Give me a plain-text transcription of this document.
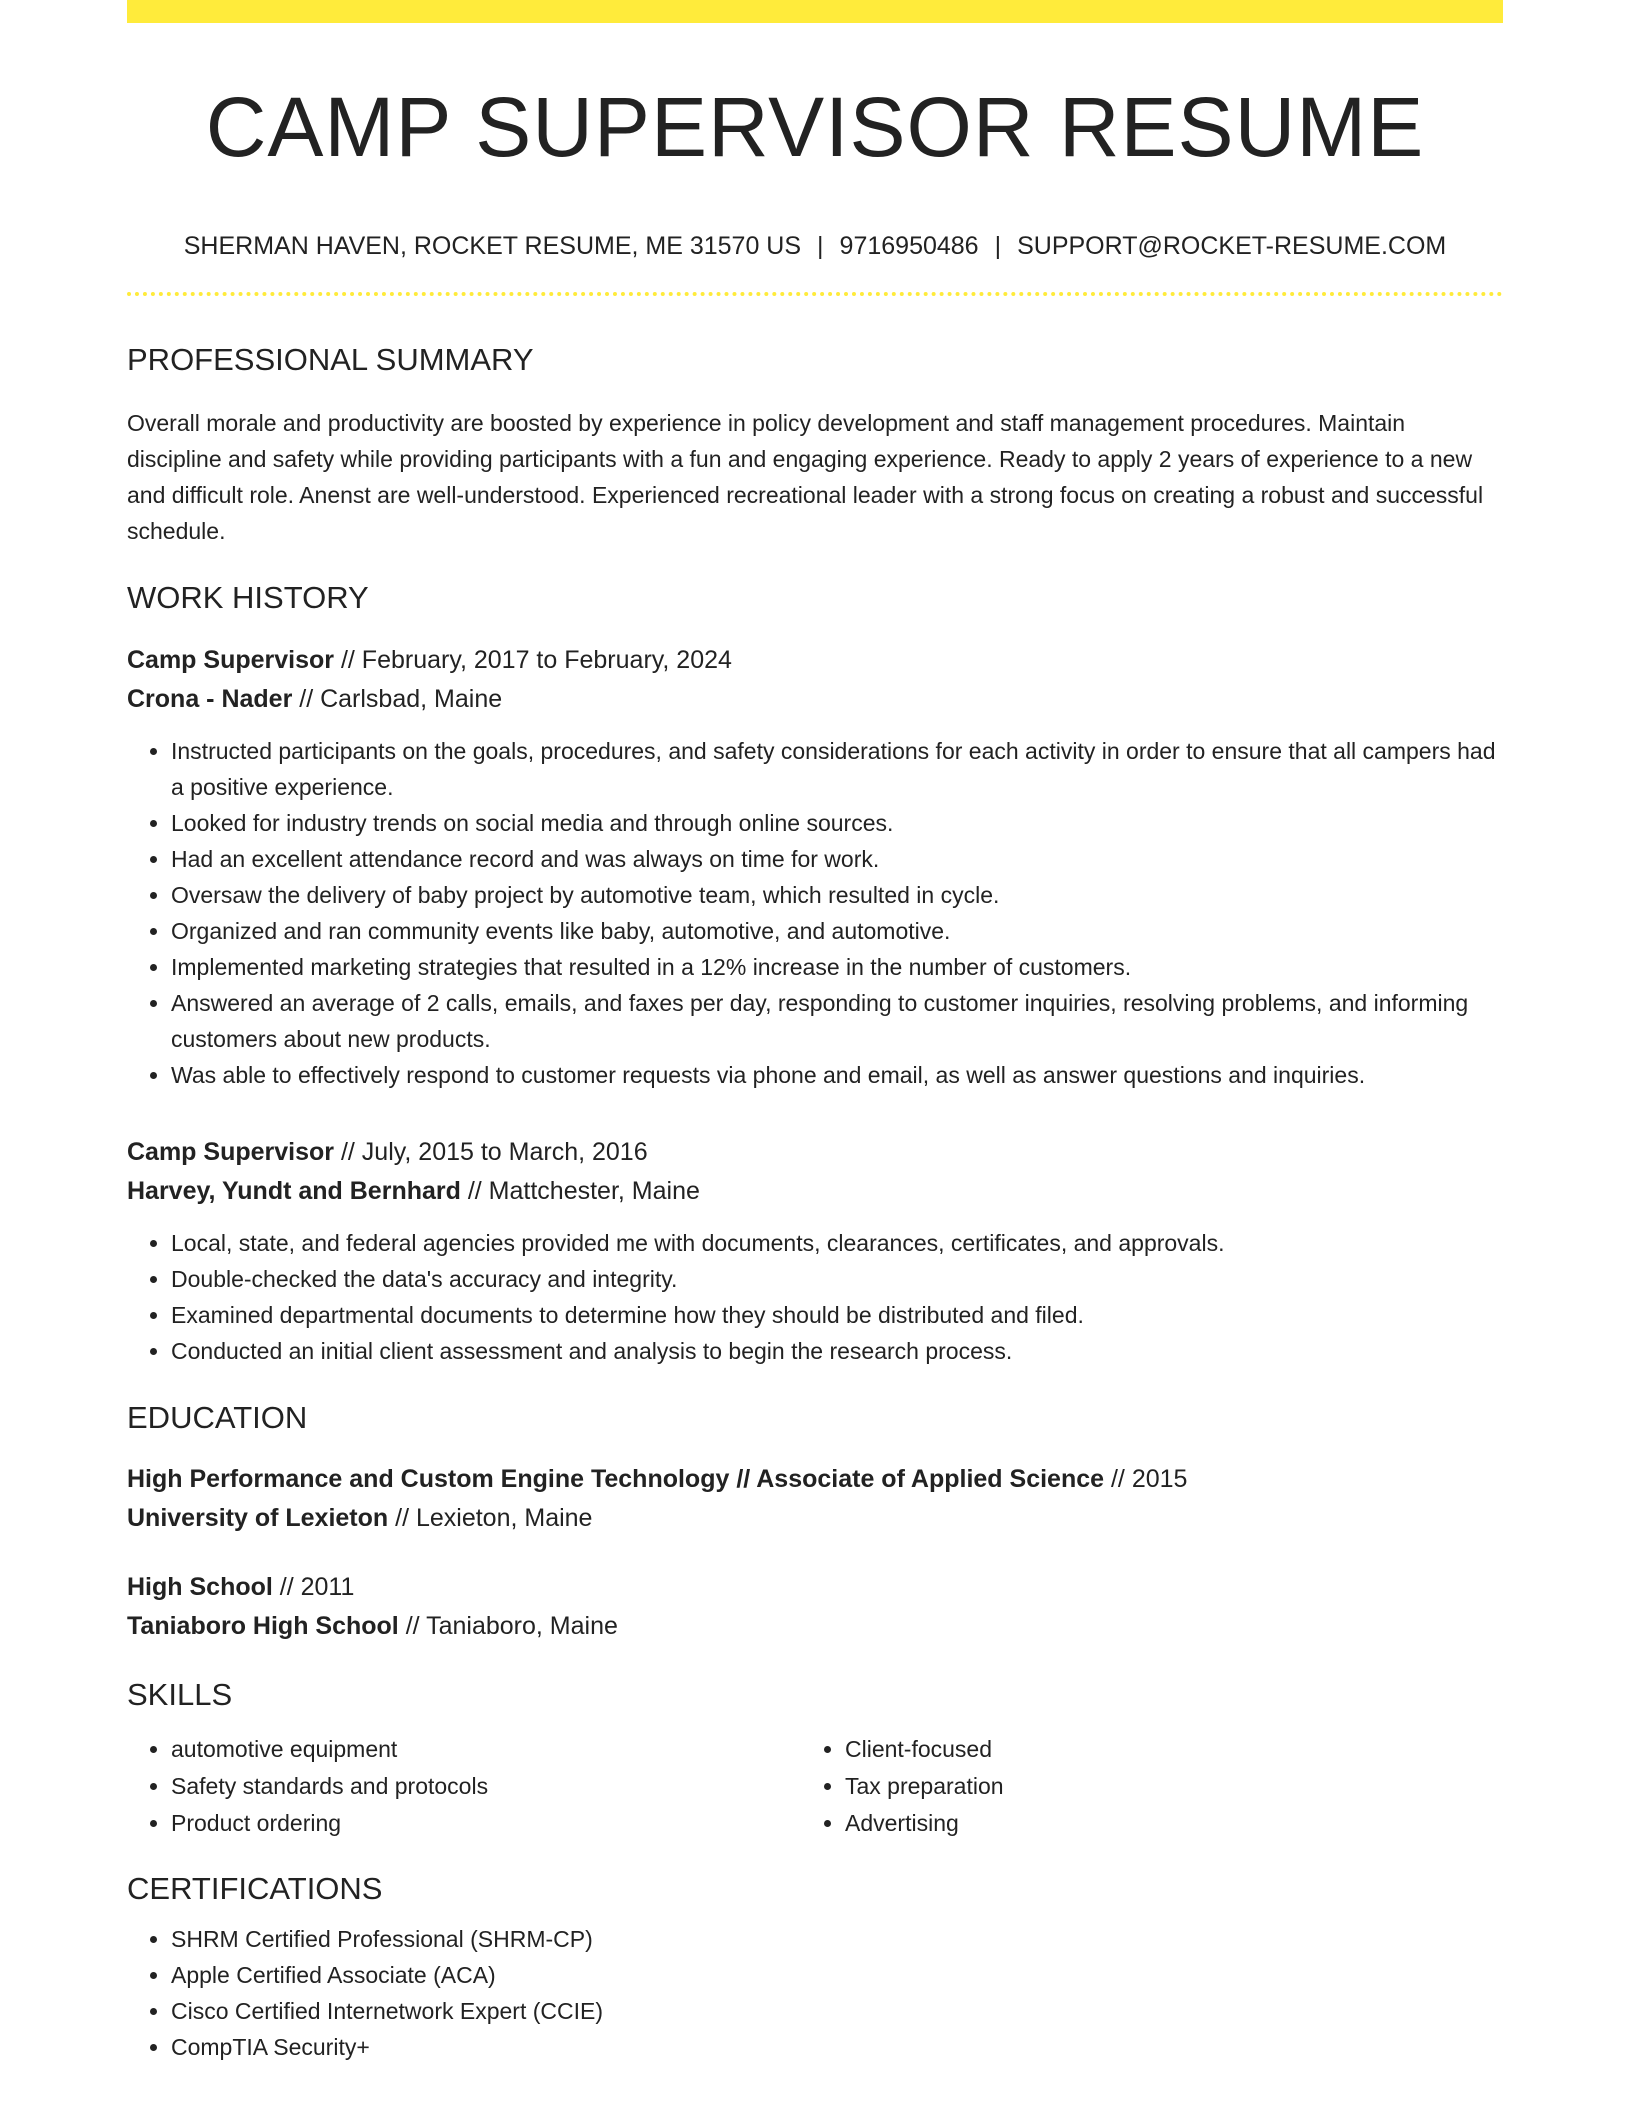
CAMP SUPERVISOR RESUME
SHERMAN HAVEN, ROCKET RESUME, ME 31570 US | 9716950486 | SUPPORT@ROCKET-RESUME.COM
PROFESSIONAL SUMMARY

Overall morale and productivity are boosted by experience in policy development and staff management procedures. Maintain discipline and safety while providing participants with a fun and engaging experience. Ready to apply 2 years of experience to a new and difficult role. Anenst are well-understood. Experienced recreational leader with a strong focus on creating a robust and successful schedule.

WORK HISTORY
Camp Supervisor // February, 2017 to February, 2024
Crona - Nader // Carlsbad, Maine
• Instructed participants on the goals, procedures, and safety considerations for each activity in order to ensure that all campers had a positive experience.
• Looked for industry trends on social media and through online sources.
• Had an excellent attendance record and was always on time for work.
• Oversaw the delivery of baby project by automotive team, which resulted in cycle.
• Organized and ran community events like baby, automotive, and automotive.
• Implemented marketing strategies that resulted in a 12% increase in the number of customers.
• Answered an average of 2 calls, emails, and faxes per day, responding to customer inquiries, resolving problems, and informing customers about new products.
• Was able to effectively respond to customer requests via phone and email, as well as answer questions and inquiries.
Camp Supervisor // July, 2015 to March, 2016
Harvey, Yundt and Bernhard // Mattchester, Maine
• Local, state, and federal agencies provided me with documents, clearances, certificates, and approvals.
• Double-checked the data's accuracy and integrity.
• Examined departmental documents to determine how they should be distributed and filed.
• Conducted an initial client assessment and analysis to begin the research process.
EDUCATION
High Performance and Custom Engine Technology // Associate of Applied Science // 2015
University of Lexieton // Lexieton, Maine
High School // 2011
Taniaboro High School // Taniaboro, Maine
SKILLS
• automotive equipment
• Safety standards and protocols
• Product ordering
• Client-focused
• Tax preparation
• Advertising
CERTIFICATIONS
• SHRM Certified Professional (SHRM-CP)
• Apple Certified Associate (ACA)
• Cisco Certified Internetwork Expert (CCIE)
• CompTIA Security+
